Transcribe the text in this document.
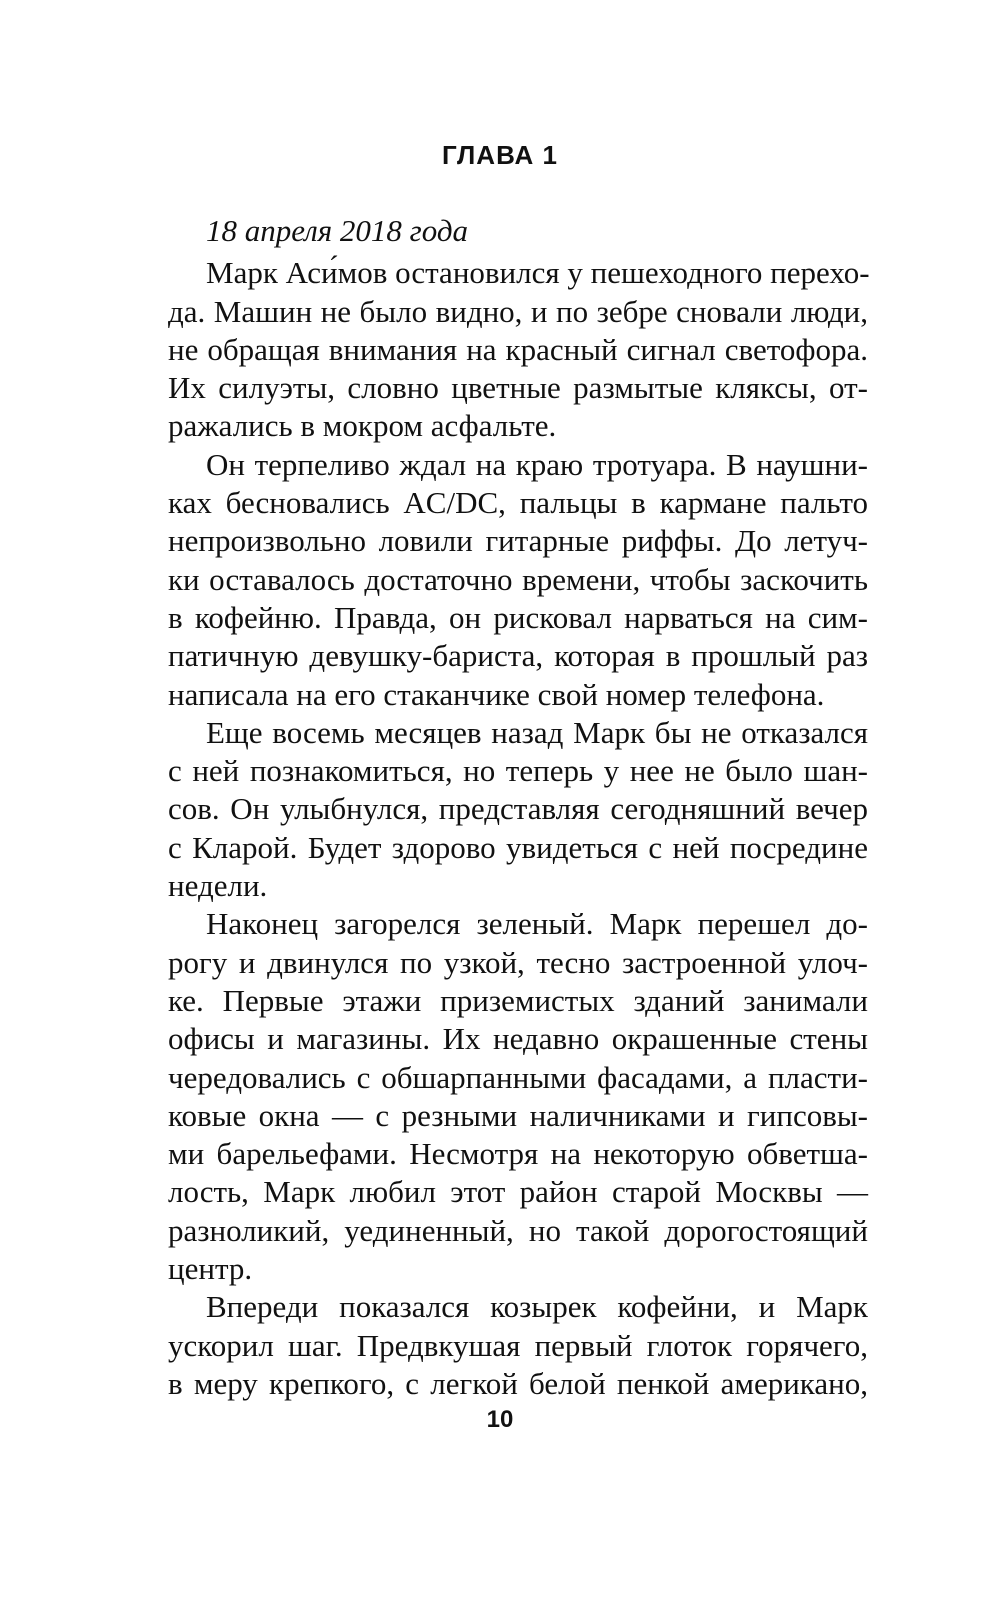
ГЛАВА 1
18 апреля 2018 года
Марк Аси́мов остановился у пешеходного перехо-
да. Машин не было видно, и по зебре сновали люди,
не обращая внимания на красный сигнал светофора.
Их силуэты, словно цветные размытые кляксы, от-
ражались в мокром асфальте.
Он терпеливо ждал на краю тротуара. В наушни-
ках бесновались AC/DC, пальцы в кармане пальто
непроизвольно ловили гитарные риффы. До летуч-
ки оставалось достаточно времени, чтобы заскочить
в кофейню. Правда, он рисковал нарваться на сим-
патичную девушку-бариста, которая в прошлый раз
написала на его стаканчике свой номер телефона.
Еще восемь месяцев назад Марк бы не отказался
с ней познакомиться, но теперь у нее не было шан-
сов. Он улыбнулся, представляя сегодняшний вечер
с Кларой. Будет здорово увидеться с ней посредине
недели.
Наконец загорелся зеленый. Марк перешел до-
рогу и двинулся по узкой, тесно застроенной улоч-
ке. Первые этажи приземистых зданий занимали
офисы и магазины. Их недавно окрашенные стены
чередовались с обшарпанными фасадами, а пласти-
ковые окна — с резными наличниками и гипсовы-
ми барельефами. Несмотря на некоторую обветша-
лость, Марк любил этот район старой Москвы —
разноликий, уединенный, но такой дорогостоящий
центр.
Впереди показался козырек кофейни, и Марк
ускорил шаг. Предвкушая первый глоток горячего,
в меру крепкого, с легкой белой пенкой американо,
10
